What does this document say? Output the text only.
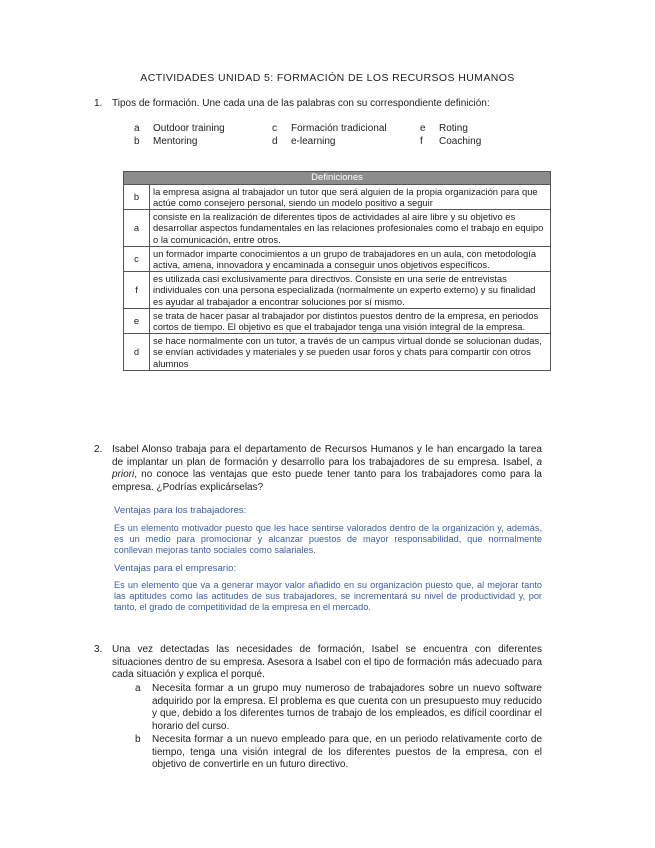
ACTIVIDADES UNIDAD 5: FORMACIÓN DE LOS RECURSOS HUMANOS
1. Tipos de formación. Une cada una de las palabras con su correspondiente definición:
a Outdoor training
b Mentoring
c Formación tradicional
d e-learning
e Roting
f Coaching
Definiciones	
b	la empresa asigna al trabajador un tutor que será alguien de la propia organización para que actúe como consejero personal, siendo un modelo positivo a seguir
a	consiste en la realización de diferentes tipos de actividades al aire libre y su objetivo es desarrollar aspectos fundamentales en las relaciones profesionales como el trabajo en equipo o la comunicación, entre otros.
c	un formador imparte conocimientos a un grupo de trabajadores en un aula, con metodología activa, amena, innovadora y encaminada a conseguir unos objetivos específicos.
f	es utilizada casi exclusivamente para directivos. Consiste en una serie de entrevistas individuales con una persona especializada (normalmente un experto externo) y su finalidad es ayudar al trabajador a encontrar soluciones por sí mismo.
e	se trata de hacer pasar al trabajador por distintos puestos dentro de la empresa, en periodos cortos de tiempo. El objetivo es que el trabajador tenga una visión integral de la empresa.
d	se hace normalmente con un tutor, a través de un campus virtual donde se solucionan dudas, se envían actividades y materiales y se pueden usar foros y chats para compartir con otros alumnos
2. Isabel Alonso trabaja para el departamento de Recursos Humanos y le han encargado la tarea de implantar un plan de formación y desarrollo para los trabajadores de su empresa. Isabel, a priori, no conoce las ventajas que esto puede tener tanto para los trabajadores como para la empresa. ¿Podrías explicárselas?
Ventajas para los trabajadores:
Es un elemento motivador puesto que les hace sentirse valorados dentro de la organización y, además, es un medio para promocionar y alcanzar puestos de mayor responsabilidad, que normalmente conllevan mejoras tanto sociales como salariales.
Ventajas para el empresario:
Es un elemento que va a generar mayor valor añadido en su organización puesto que, al mejorar tanto las aptitudes como las actitudes de sus trabajadores, se incrementará su nivel de productividad y, por tanto, el grado de competitividad de la empresa en el mercado.
3. Una vez detectadas las necesidades de formación, Isabel se encuentra con diferentes situaciones dentro de su empresa. Asesora a Isabel con el tipo de formación más adecuado para cada situación y explica el porqué.
a Necesita formar a un grupo muy numeroso de trabajadores sobre un nuevo software adquirido por la empresa. El problema es que cuenta con un presupuesto muy reducido y que, debido a los diferentes turnos de trabajo de los empleados, es difícil coordinar el horario del curso.
b Necesita formar a un nuevo empleado para que, en un periodo relativamente corto de tiempo, tenga una visión integral de los diferentes puestos de la empresa, con el objetivo de convertirle en un futuro directivo.
